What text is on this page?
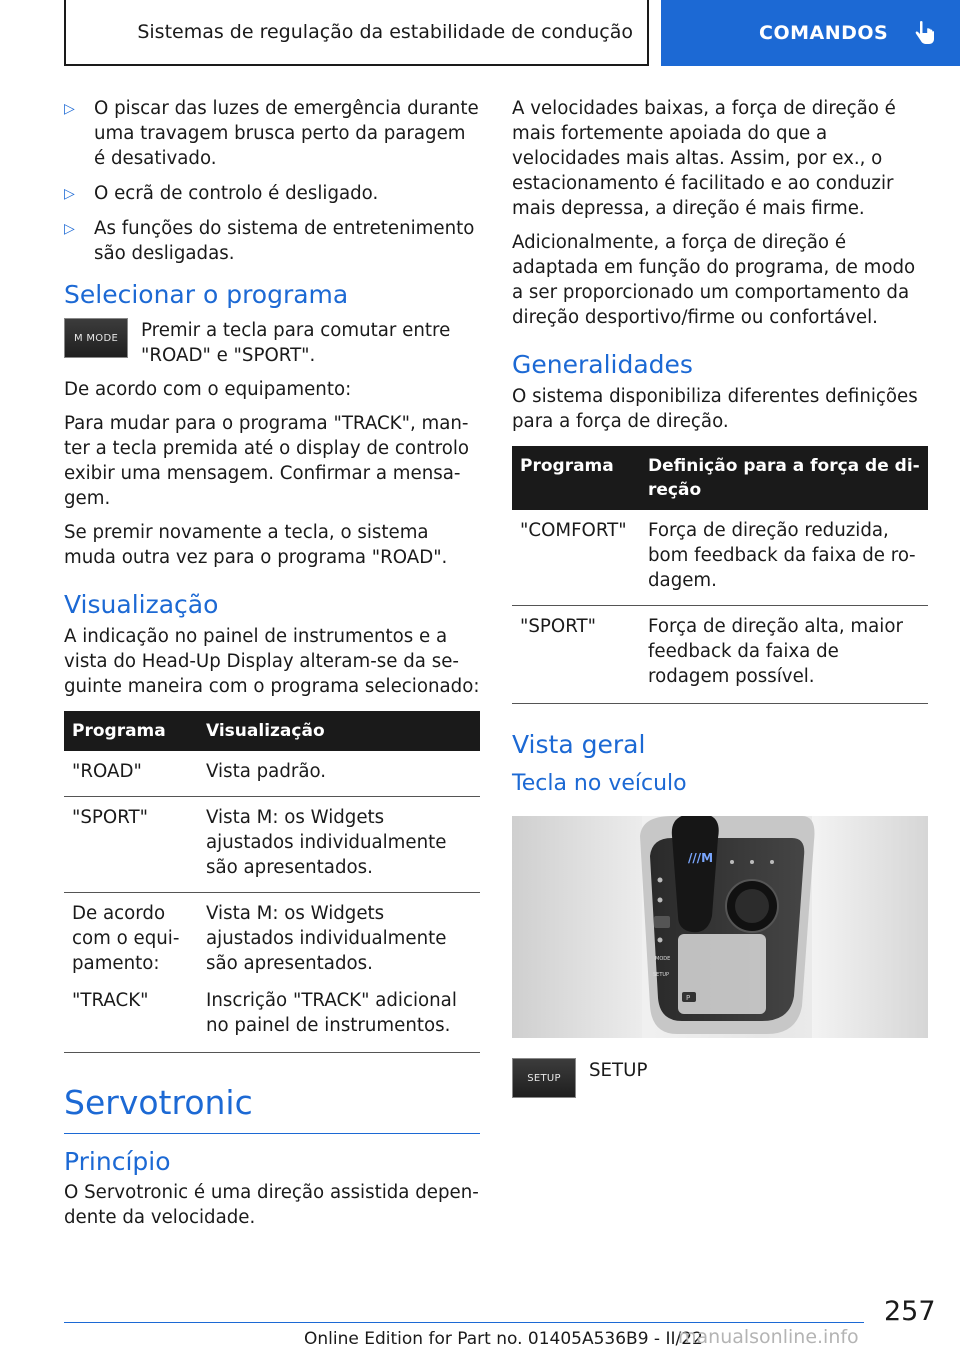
Sistemas de regulação da estabilidade de condução	COMANDOS
▷ O piscar das luzes de emergência durante uma travagem brusca perto da paragem é desativado.
▷ O ecrã de controlo é desligado.
▷ As funções do sistema de entretenimento são desligadas.
Selecionar o programa
M MODE Premir a tecla para comutar entre "ROAD" e "SPORT".

De acordo com o equipamento:

Para mudar para o programa "TRACK", manter a tecla premida até o display de controlo exibir uma mensagem. Confirmar a mensagem.

Se premir novamente a tecla, o sistema muda outra vez para o programa "ROAD".

Visualização

A indicação no painel de instrumentos e a vista do Head-Up Display alteram-se da seguinte maneira com o programa selecionado:

Programa	Visualização
"ROAD"	Vista padrão.
"SPORT"	Vista M: os Widgets ajustados individualmente são apresentados.
De acordo com o equipamento:	Vista M: os Widgets ajustados individualmente são apresentados.
"TRACK"	Inscrição "TRACK" adicional no painel de instrumentos.
Servotronic
Princípio

O Servotronic é uma direção assistida dependente da velocidade.

A velocidades baixas, a força de direção é mais fortemente apoiada do que a velocidades mais altas. Assim, por ex., o estacionamento é facilitado e ao conduzir mais depressa, a direção é mais firme.

Adicionalmente, a força de direção é adaptada em função do programa, de modo a ser proporcionado um comportamento da direção desportivo/firme ou confortável.

Generalidades

O sistema disponibiliza diferentes definições para a força de direção.

Programa	Definição para a força de direção
"COMFORT"	Força de direção reduzida, bom feedback da faixa de rodagem.
"SPORT"	Força de direção alta, maior feedback da faixa de rodagem possível.
Vista geral
Tecla no veículo
///M
MODE
SETUP
P
SETUP SETUP

257
Online Edition for Part no. 01405A536B9 - II/22
manualsonline.info
